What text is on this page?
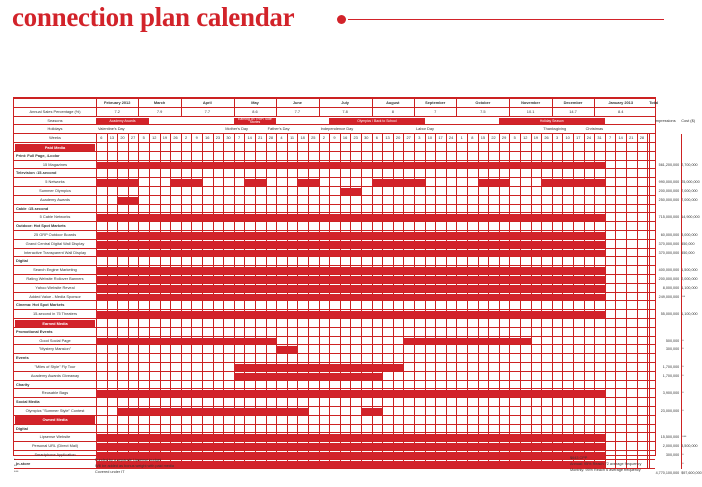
connection plan calendar
February 2012	March	April	May	June	July	August	September	October	November	December	January 2013	Total
Annual Sales Percentage (%)	7.2	7.9	7.7	8.6	7.7	7.8	8	7	7.5	10.1	14.7	8.4
Seasons	Academy Awards	Earning on TRIP/ Side Stories	Olympics / Back to School	Holiday Season	Impressions	Cost ($)
Holidays	Valentine's Day	Mother's Day	Father's Day	Independence Day	Labor Day	Thanksgiving	Christmas
Weeks	6	13	20	27	5	12	19	26	2	9	16	23	30	7	14	21	28	4	11	18	25	2	9	16	23	30	6	13	20	27	3	10	17	24	1	8	15	22	29	5	12	19	26	3	10	17	24	31	7	14	21	28
Paid Media
Print: Full Page, 4-color
15 Magazines	561,200,000 2,700,000
Television :15-second
5 Networks	990,000,000 25,000,000
Summer Olympics	200,000,000 7,000,000
Academy Awards	250,000,000 7,000,000
Cable :15-second
5 Cable Networks	715,000,000 14,900,000
Outdoor: Hot Spot Markets
25 GRP Outdoor Boards	60,000,000 3,000,000
Grand Central Digital Wall Display	370,000,000 450,000
Interactive Transparent Wall Display	370,000,000 450,000
Digital
Search Engine Marketing	400,000,000 1,500,000
Rating Website Rollover Banners	200,000,000 2,000,000
Yahoo Website Reveal	8,000,000 1,100,000
Added Value - Media Sponsor	249,000,000 **
Cinema: Hot Spot Markets
15-second in 75 Theaters	55,000,000 1,100,000
Earned Media
Promotional Events
Good Social Page	500,000 *
"Mystery Mansion"	300,000 *
Events
"Miles of Style" Fly Tour	1,700,000 *
Academy Awards Giveaway	1,700,000 *
Charity
Reusable Bags	3,900,000 *
Social Media
Olympics "Summer Style" Contest	23,000,000 *
Owned Media
Digital
Lipsense Website	15,500,000 ***
Personal URL (Direct Mail)	2,000,000 3,500,000
Smartphone Application	300,000 *
In-store	*
4,770,100,000 $97,600,000
*	Funded by a separate Lipsense budget
**	Will be added as bonus weight with paid media
***	Covered under IT
$643 CPP
Annual: 95% Reach 72 average frequency
Monthly: 95% Reach 6 average frequency
